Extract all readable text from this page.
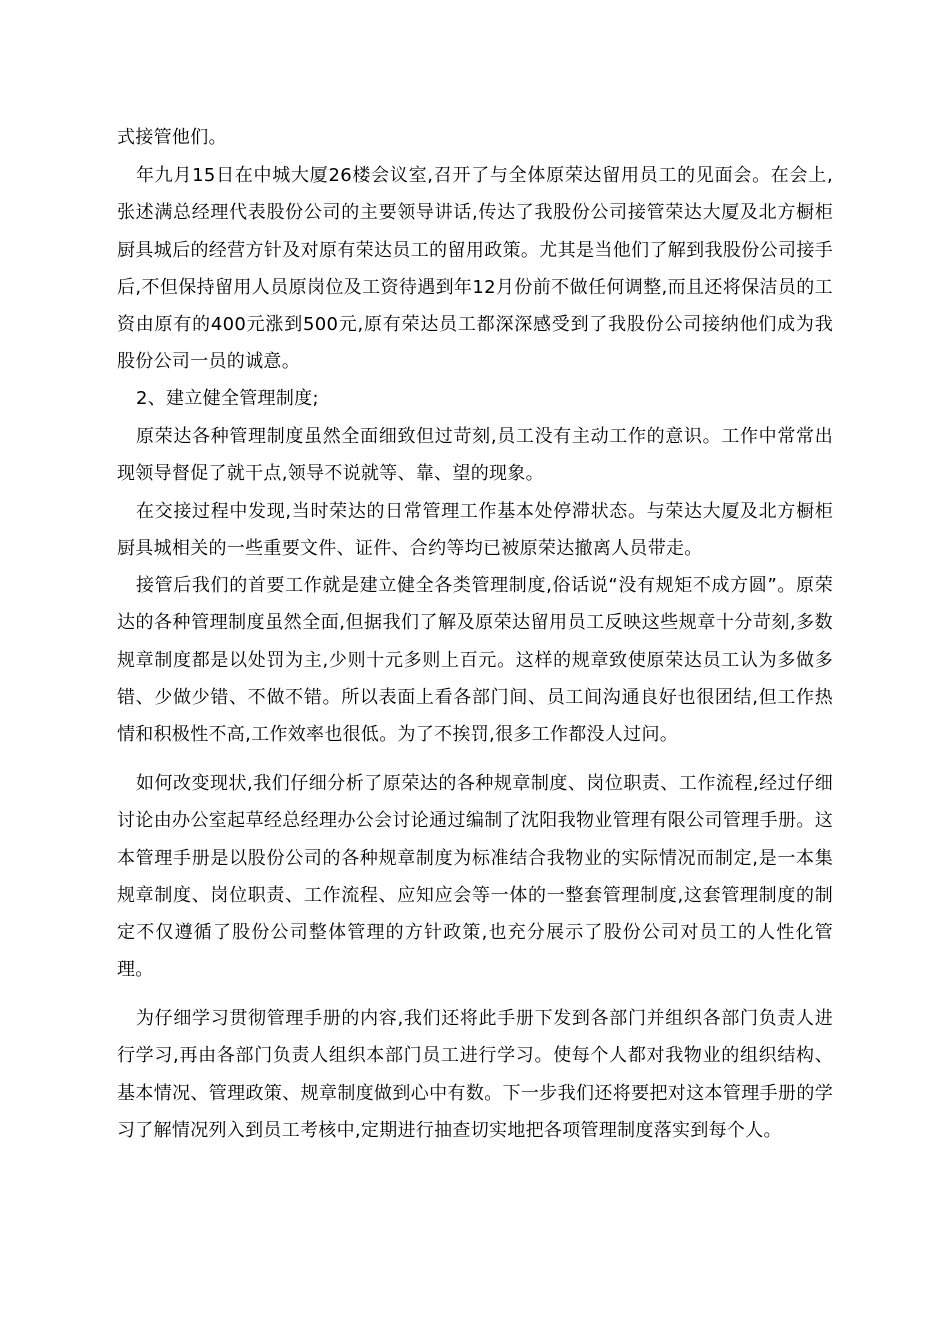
式接管他们。

年九月15日在中城大厦26楼会议室,召开了与全体原荣达留用员工的见面会。在会上,张述满总经理代表股份公司的主要领导讲话,传达了我股份公司接管荣达大厦及北方橱柜厨具城后的经营方针及对原有荣达员工的留用政策。尤其是当他们了解到我股份公司接手后,不但保持留用人员原岗位及工资待遇到年12月份前不做任何调整,而且还将保洁员的工资由原有的400元涨到500元,原有荣达员工都深深感受到了我股份公司接纳他们成为我股份公司一员的诚意。

2、建立健全管理制度;

原荣达各种管理制度虽然全面细致但过苛刻,员工没有主动工作的意识。工作中常常出现领导督促了就干点,领导不说就等、靠、望的现象。

在交接过程中发现,当时荣达的日常管理工作基本处停滞状态。与荣达大厦及北方橱柜厨具城相关的一些重要文件、证件、合约等均已被原荣达撤离人员带走。

接管后我们的首要工作就是建立健全各类管理制度,俗话说“没有规矩不成方圆”。原荣达的各种管理制度虽然全面,但据我们了解及原荣达留用员工反映这些规章十分苛刻,多数规章制度都是以处罚为主,少则十元多则上百元。这样的规章致使原荣达员工认为多做多错、少做少错、不做不错。所以表面上看各部门间、员工间沟通良好也很团结,但工作热情和积极性不高,工作效率也很低。为了不挨罚,很多工作都没人过问。

如何改变现状,我们仔细分析了原荣达的各种规章制度、岗位职责、工作流程,经过仔细讨论由办公室起草经总经理办公会讨论通过编制了沈阳我物业管理有限公司管理手册。这本管理手册是以股份公司的各种规章制度为标准结合我物业的实际情况而制定,是一本集规章制度、岗位职责、工作流程、应知应会等一体的一整套管理制度,这套管理制度的制定不仅遵循了股份公司整体管理的方针政策,也充分展示了股份公司对员工的人性化管理。

为仔细学习贯彻管理手册的内容,我们还将此手册下发到各部门并组织各部门负责人进行学习,再由各部门负责人组织本部门员工进行学习。使每个人都对我物业的组织结构、基本情况、管理政策、规章制度做到心中有数。下一步我们还将要把对这本管理手册的学习了解情况列入到员工考核中,定期进行抽查切实地把各项管理制度落实到每个人。
